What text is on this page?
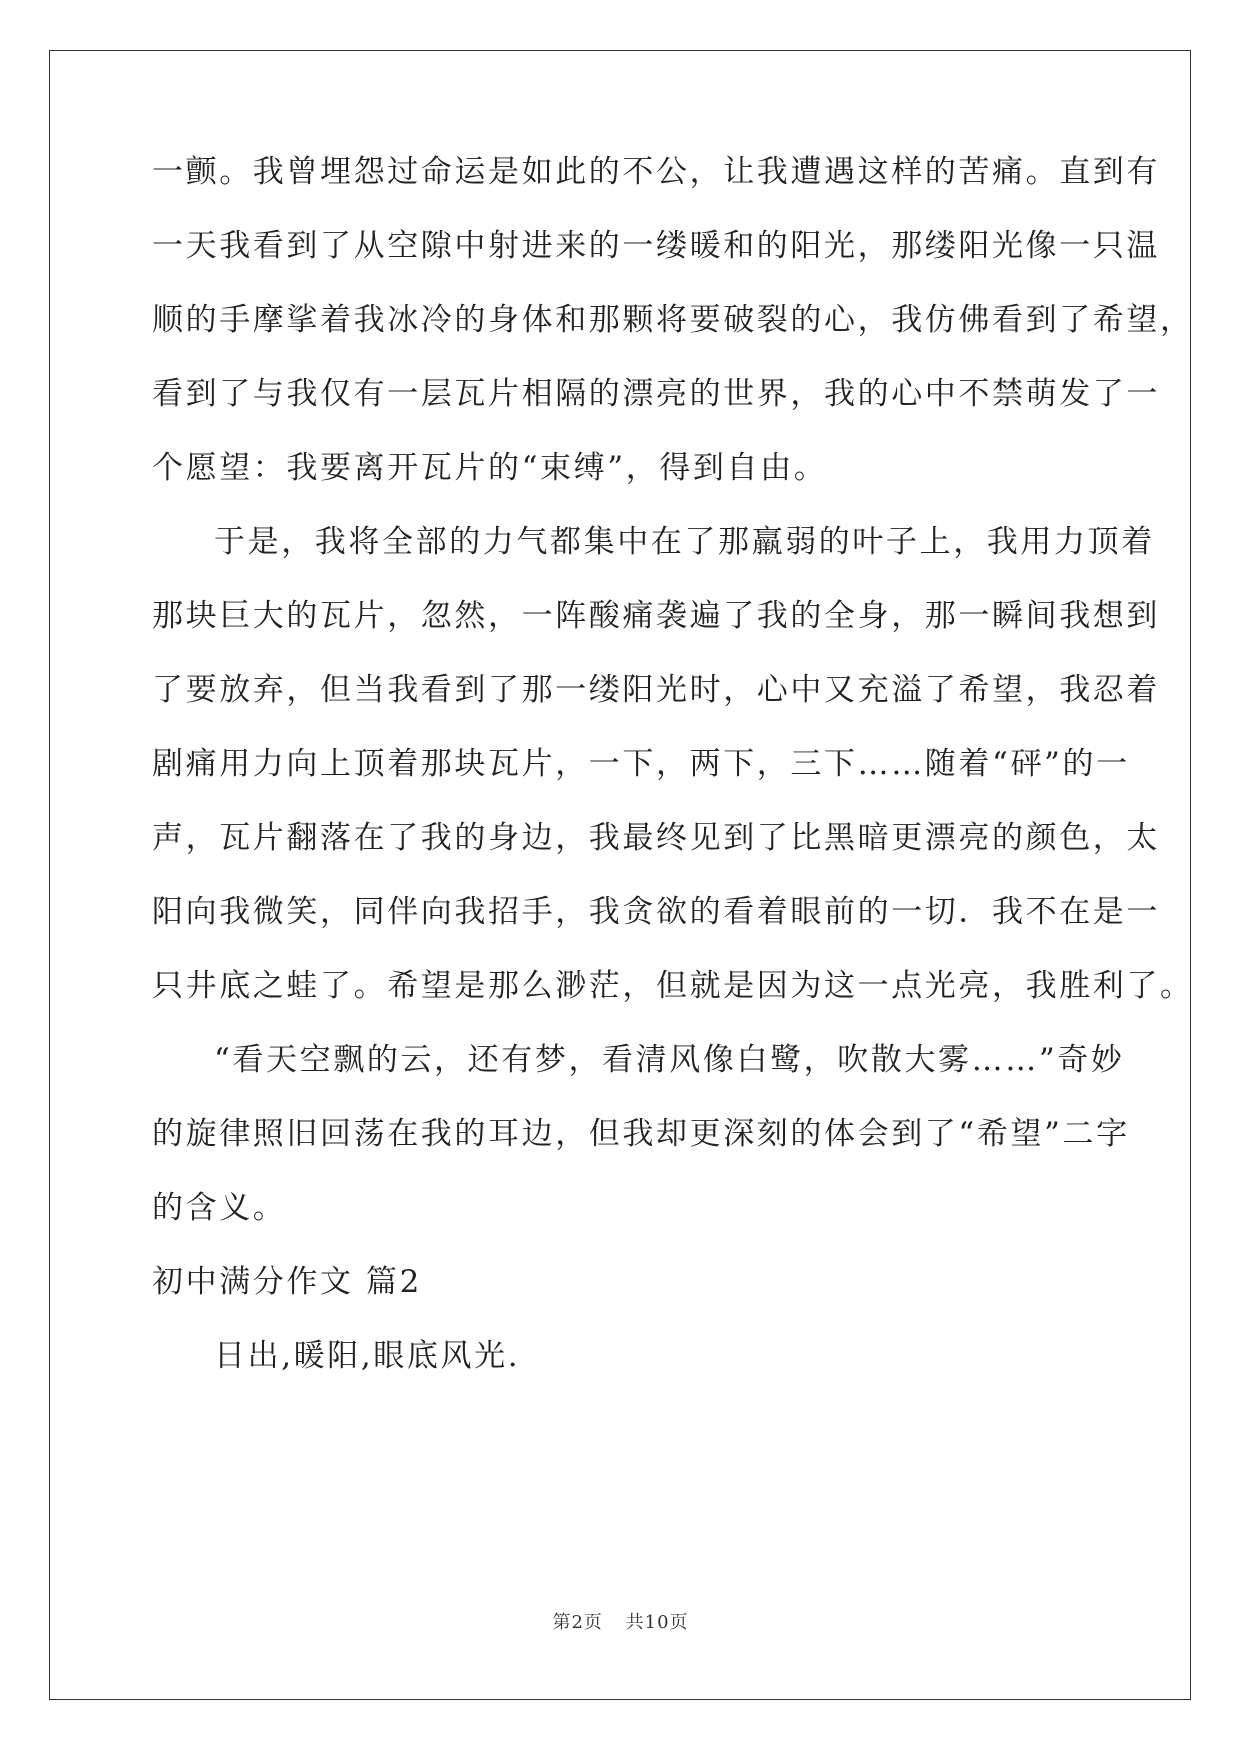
一颤。我曾埋怨过命运是如此的不公，让我遭遇这样的苦痛。直到有
一天我看到了从空隙中射进来的一缕暖和的阳光，那缕阳光像一只温
顺的手摩挲着我冰冷的身体和那颗将要破裂的心，我仿佛看到了希望，
看到了与我仅有一层瓦片相隔的漂亮的世界，我的心中不禁萌发了一
个愿望：我要离开瓦片的“束缚”，得到自由。
于是，我将全部的力气都集中在了那羸弱的叶子上，我用力顶着
那块巨大的瓦片，忽然，一阵酸痛袭遍了我的全身，那一瞬间我想到
了要放弃，但当我看到了那一缕阳光时，心中又充溢了希望，我忍着
剧痛用力向上顶着那块瓦片，一下，两下，三下……随着“砰”的一
声，瓦片翻落在了我的身边，我最终见到了比黑暗更漂亮的颜色，太
阳向我微笑，同伴向我招手，我贪欲的看着眼前的一切．我不在是一
只井底之蛙了。希望是那么渺茫，但就是因为这一点光亮，我胜利了。
“看天空飘的云，还有梦，看清风像白鹭，吹散大雾……”奇妙
的旋律照旧回荡在我的耳边，但我却更深刻的体会到了“希望”二字
的含义。
初中满分作文 篇2
日出,暖阳,眼底风光.
第2页 共10页
